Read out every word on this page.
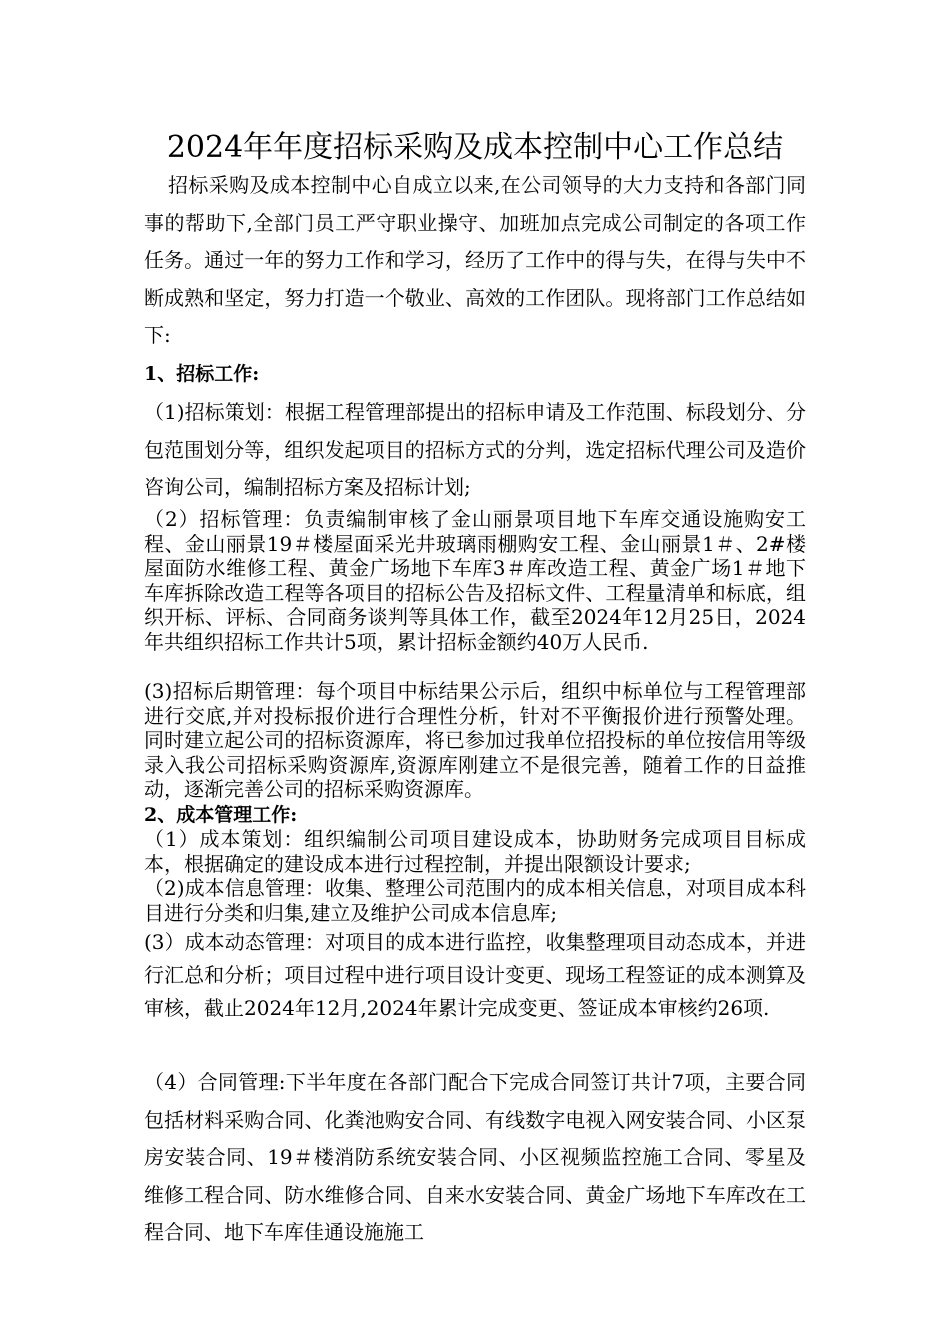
2024年年度招标采购及成本控制中心工作总结

招标采购及成本控制中心自成立以来,在公司领导的大力支持和各部门同事的帮助下,全部门员工严守职业操守、加班加点完成公司制定的各项工作任务。通过一年的努力工作和学习，经历了工作中的得与失，在得与失中不断成熟和坚定，努力打造一个敬业、高效的工作团队。现将部门工作总结如下:

1、招标工作:

（1)招标策划：根据工程管理部提出的招标申请及工作范围、标段划分、分包范围划分等，组织发起项目的招标方式的分判，选定招标代理公司及造价咨询公司，编制招标方案及招标计划;

（2）招标管理：负责编制审核了金山丽景项目地下车库交通设施购安工程、金山丽景19＃楼屋面采光井玻璃雨棚购安工程、金山丽景1＃、2#楼屋面防水维修工程、黄金广场地下车库3＃库改造工程、黄金广场1＃地下车库拆除改造工程等各项目的招标公告及招标文件、工程量清单和标底，组织开标、评标、合同商务谈判等具体工作，截至2024年12月25日，2024年共组织招标工作共计5项，累计招标金额约40万人民币.

(3)招标后期管理：每个项目中标结果公示后，组织中标单位与工程管理部进行交底,并对投标报价进行合理性分析，针对不平衡报价进行预警处理。同时建立起公司的招标资源库，将已参加过我单位招投标的单位按信用等级录入我公司招标采购资源库,资源库刚建立不是很完善，随着工作的日益推动，逐渐完善公司的招标采购资源库。

2、成本管理工作:

（1）成本策划：组织编制公司项目建设成本，协助财务完成项目目标成本，根据确定的建设成本进行过程控制，并提出限额设计要求;

（2)成本信息管理：收集、整理公司范围内的成本相关信息，对项目成本科目进行分类和归集,建立及维护公司成本信息库;

(3）成本动态管理：对项目的成本进行监控，收集整理项目动态成本，并进行汇总和分析；项目过程中进行项目设计变更、现场工程签证的成本测算及审核，截止2024年12月,2024年累计完成变更、签证成本审核约26项.

（4）合同管理:下半年度在各部门配合下完成合同签订共计7项，主要合同包括材料采购合同、化粪池购安合同、有线数字电视入网安装合同、小区泵房安装合同、19＃楼消防系统安装合同、小区视频监控施工合同、零星及维修工程合同、防水维修合同、自来水安装合同、黄金广场地下车库改在工程合同、地下车库佳通设施施工
